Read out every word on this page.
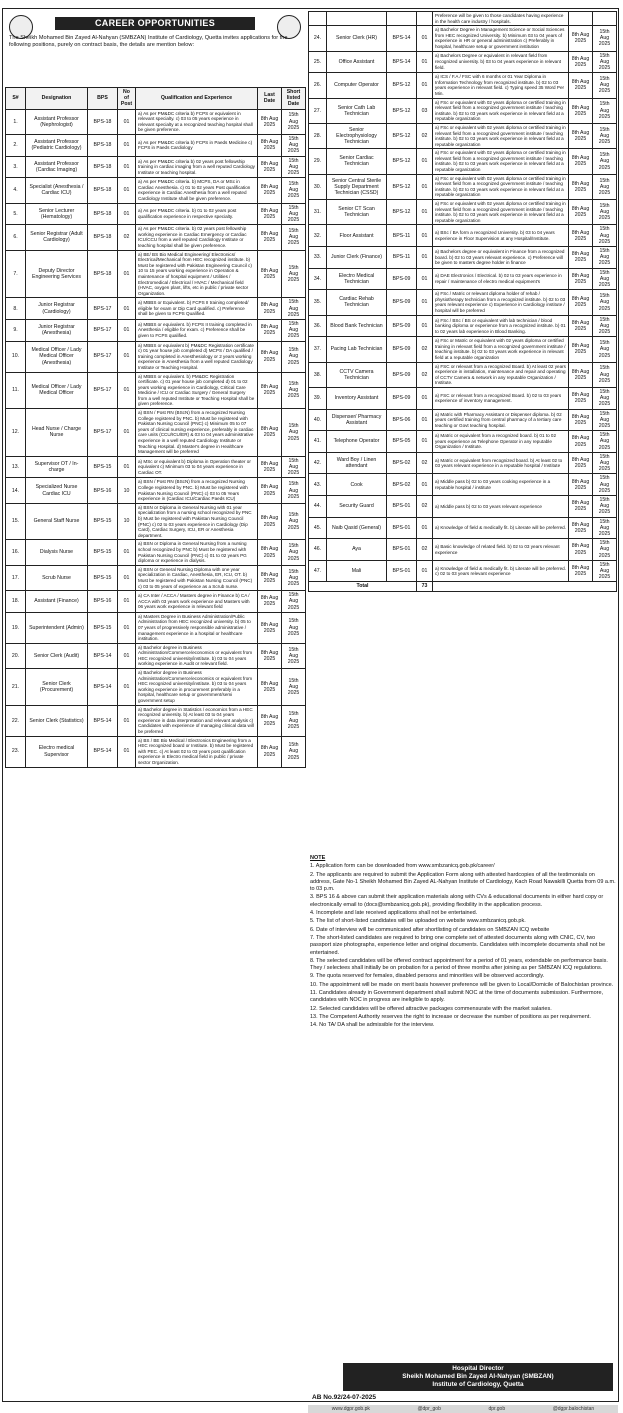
CAREER OPPORTUNITIES
The Sheikh Mohamed Bin Zayed Al-Nahyan (SMBZAN) Institute of Cardiology, Quetta invites applications for the following positions, purely on contract basis, the details are mention below:
S#	Designation	BPS	No of Post	Qualification and Experience	Last Date	Short listed Date
1.	Assistant Professor (Nephrologist)	BPS-18	01	a) As per PM&DC criteria b) FCPS or equivalent in relevant specialty. c) 03 to 05 years experience in relevant specialty at a recognized teaching hospital shall be given preference.	8th Aug 2025	15th Aug 2025
2.	Assistant Professor (Pediatric Cardiology)	BPS-18	01	a) As per PM&DC criteria b) FCPS in Paeds Medicine c) FCPS in Paeds Cardiology	8th Aug 2025	15th Aug 2025
3.	Assistant Professor (Cardiac Imaging)	BPS-18	01	a) As per PM&DC criteria b) 02 years post fellowship training in cardiac imaging from a well reputed Cardiology Institute or teaching hospital.	8th Aug 2025	15th Aug 2025
4.	Specialist (Anesthesia / Cardiac ICU)	BPS-18	01	a) As per PM&DC criteria. b) MCPS, DA or MSc in Cardiac Anesthesia. c) 01 to 02 years Post qualification experience in Cardiac Anesthesia from a well reputed Cardiology Institute shall be given preference.	8th Aug 2025	15th Aug 2025
5.	Senior Lecturer (Hematology)	BPS-18	01	a) As per PM&DC criteria. b) 01 to 02 years post qualification experience in respective specialty.	8th Aug 2025	15th Aug 2025
6.	Senior Registrar (Adult Cardiology)	BPS-18	02	a) As per PM&DC criteria. b) 02 years post fellowship working experience in Cardiac Emergency or Cardiac ICU/CCU from a well reputed Cardiology Institute or teaching hospital shall be given preference.	8th Aug 2025	15th Aug 2025
7.	Deputy Director Engineering Services	BPS-18	01	a) BE/ BS Bio Medical Engineering/ Electronics/ Electrical/Mechanical from HEC recognized institute. b) Must be registered with Pakistan Engineering Council c) 10 to 15 years working experience in Operation & maintenance of hospital equipment / Utilities / Electromedical / Electrical / HVAC / Mechanical field (HVAC, oxygen plant, lifts, etc in public / private sector Organization.	8th Aug 2025	15th Aug 2025
8.	Junior Registrar (Cardiology)	BPS-17	01	a) MBBS or Equivalent. b) FCPS II training completed/ eligible for exam or Dip Card qualified. c) Preference shall be given to FCPS Qualified.	8th Aug 2025	15th Aug 2025
9.	Junior Registrar (Anesthesia)	BPS-17	01	a) MBBS or equivalent. b) FCPS II training completed in Anesthesia / eligible for exam. c) Preference shall be given to FCPS qualified.	8th Aug 2025	15th Aug 2025
10.	Medical Officer / Lady Medical Officer (Anesthesia)	BPS-17	01	a) MBBS or equivalent b) PM&DC Registration certificate c) 01 year house job completed d) MCPS / DA qualified / training completed in Anesthesiology or 2 years working experience in Anesthesia from a well reputed Cardiology Institute or Teaching Hospital.	8th Aug 2025	15th Aug 2025
11.	Medical Officer / Lady Medical Officer	BPS-17	01	a) MBBS or equivalent. b) PM&DC Registration certificate. c) 01 year house job completed d) 01 to 02 years working experience in Cardiology, Critical Care Medicine / ICU or Cardiac Surgery / General Surgery from a well reputed Institute or Teaching Hospital shall be given preference.	8th Aug 2025	15th Aug 2025
12.	Head Nurse / Charge Nurse	BPS-17	01	a) BSN / Post RN (BScN) from a recognized Nursing College registered by PNC. b) Must be registered with Pakistan Nursing Council (PNC) c) Minimum 05 to 07 years of clinical nursing experience, preferably in cardiac care units (CCU/ICU/ER) & 03 to 04 years administrative experience in a well reputed Cardiology Institute or Teaching Hospital. d) Master's degree in Healthcare Management will be preferred	8th Aug 2025	15th Aug 2025
13.	Supervisor OT / In-charge	BPS-15	01	a) MSc or equivalent b) Diploma in Operation theater or equivalent c) Minimum 03 to 04 years experience in Cardiac OT.	8th Aug 2025	15th Aug 2025
14.	Specialized Nurse Cardiac ICU	BPS-16	10	a) BSN / Post RN (BScN) from a recognized Nursing College registered by PNC. b) Must be registered with Pakistan Nursing Council (PNC) c) 03 to 05 Years experience in (Cardiac ICU/Cardiac Paeds ICU)	8th Aug 2025	15th Aug 2025
15.	General Staff Nurse	BPS-15	10	a) BSN or Diploma in General Nursing with 01 year specialization from a nursing school recognized by PNC b) Must be registered with Pakistan Nursing Council (PNC) c) 02 to 03 years experience in Cardiology (Dip Card), Cardiac Surgery, ICU, ER or Anesthesia department.	8th Aug 2025	15th Aug 2025
16.	Dialysis Nurse	BPS-15	01	a) BSN or Diploma in General Nursing from a nursing school recognized by PNC b) Must be registered with Pakistan Nursing Council (PNC) c) 01 to 02 years PG diploma or experience in dialysis.	8th Aug 2025	15th Aug 2025
17.	Scrub Nurse	BPS-15	01	a) BSN or General Nursing Diploma with one year specialization in Cardiac, Anesthesia, ER, ICU, OT. b) Must be registered with Pakistan Nursing Council (PNC) c) 03 to 05 years of experience as a Scrub nurse.	8th Aug 2025	15th Aug 2025
18.	Assistant (Finance)	BPS-16	01	a) CA Inter / ACCA / Masters degree in Finance b) CA / ACCA with 03 years work experience and Masters with 06 years work experience in relevant field	8th Aug 2025	15th Aug 2025
19.	Superintendent (Admin)	BPS-15	01	a) Masters Degree in Business Administration/Public Administration from HEC recognized university. b) 05 to 07 years of progressively responsible administrative / management experience in a hospital or healthcare institution.	8th Aug 2025	15th Aug 2025
20.	Senior Clerk (Audit)	BPS-14	01	a) Bachelor degree in Business Administration/Commerce/economics or equivalent from HEC recognized university/institute. b) 03 to 04 years working experience in Audit or relevant field.	8th Aug 2025	15th Aug 2025
21.	Senior Clerk (Procurement)	BPS-14	01	a) Bachelor degree in Business Administration/Commerce/economics or equivalent from HEC recognized university/institute. b) 03 to 04 years working experience in procurement preferably in a hospital, healthcare setup or government/semi government setup	8th Aug 2025	15th Aug 2025
22.	Senior Clerk (Statistics)	BPS-14	01	a) Bachelor degree in Statistics / economics from a HEC recognized university. b) At least 03 to 04 years experience in data interpretation and relevant analysis c) Candidates with experience of managing clinical data will be preferred	8th Aug 2025	15th Aug 2025
23.	Electro medical Supervisor	BPS-14	01	a) BS / BE Bio Medical / Electronics Engineering from a HEC recognized board or Institute. b) Must be registered with PEC. c) At least 02 to 03 years post qualification experience in Electro medical field in public / private sector Organization.	8th Aug 2025	15th Aug 2025
				Preference will be given to those candidates having experience in the health care industry / hospitals.		
24.	Senior Clerk (HR)	BPS-14	01	a) Bachelor Degree in Management Science or Social Sciences from HEC recognized University. b) Minimum 03 to 04 years of experience in HR or general administration c) Preferably in hospital, healthcare setup or government institution	8th Aug 2025	15th Aug 2025
25.	Office Assistant	BPS-14	01	a) Bachelors Degree or equivalent in relevant field from recognized university. b) 03 to 04 years experience in relevant field.	8th Aug 2025	15th Aug 2025
26.	Computer Operator	BPS-12	01	a) ICS / F.A / FSC with 6 months or 01 Year Diploma in Information Technology from recognized institute. b) 02 to 03 years experience in relevant field. c) Typing speed 35 Word Per Min.	8th Aug 2025	15th Aug 2025
27.	Senior Cath Lab Technician	BPS-12	03	a) FSc or equivalent with 02 years diploma or certified training in relevant field from a recognized government institute / teaching institute. b) 02 to 03 years work experience in relevant field at a reputable organization	8th Aug 2025	15th Aug 2025
28.	Senior Electrophysiology Technician	BPS-12	02	a) FSc or equivalent with 02 years diploma or certified training in relevant field from a recognized government institute / teaching institute. b) 02 to 03 years work experience in relevant field at a reputable organization	8th Aug 2025	15th Aug 2025
29.	Senior Cardiac Technician	BPS-12	01	a) FSc or equivalent with 02 years diploma or certified training in relevant field from a recognized government institute / teaching institute. b) 02 to 03 years work experience in relevant field at a reputable organization	8th Aug 2025	15th Aug 2025
30.	Senior Central Sterile Supply Department Technician (CSSD)	BPS-12	01	a) FSc or equivalent with 02 years diploma or certified training in relevant field from a recognized government institute / teaching institute. b) 02 to 03 years work experience in relevant field at a reputable organization	8th Aug 2025	15th Aug 2025
31.	Senior CT Scan Technician	BPS-12	01	a) FSc or equivalent with 02 years diploma or certified training in relevant field from a recognized government institute / teaching institute. b) 02 to 03 years work experience in relevant field at a reputable organization	8th Aug 2025	15th Aug 2025
32.	Floor Assistant	BPS-11	01	a) BSc / BA form a recognized University. b) 03 to 04 years experience in Floor Supervision at any Hospital/Institute.	8th Aug 2025	15th Aug 2025
33.	Junior Clerk (Finance)	BPS-11	01	a) Bachelors degree or equivalent in Finance from a recognized board. b) 02 to 03 years relevant experience. c) Preference will be given to masters degree holder in finance	8th Aug 2025	15th Aug 2025
34.	Electro Medical Technician	BPS-09	01	a) DAE Electronics / Electrical. b) 02 to 03 years experience in repair / maintenance of electro medical equipment's	8th Aug 2025	15th Aug 2025
35.	Cardiac Rehab Technician	BPS-09	01	a) FSc / Matric or relevant diploma holder of rehab / physiotherapy technician from a recognized institute. b) 02 to 03 years relevant experience c) Experience in Cardiology institute / hospital will be preferred	8th Aug 2025	15th Aug 2025
36.	Blood Bank Technician	BPS-09	01	a) FSc / BSc / BS or equivalent with lab technician / blood banking diploma or experience from a recognized institute. b) 01 to 02 years lab experience in Blood Banking.	8th Aug 2025	15th Aug 2025
37.	Pacing Lab Technician	BPS-09	02	a) FSc or Matric or equivalent with 02 years diploma or certified training in relevant field from a recognized government institute / teaching institute. b) 02 to 03 years work experience in relevant field at a reputable organization	8th Aug 2025	15th Aug 2025
38.	CCTV Camera Technician	BPS-09	02	a) FSC or relevant from a recognized Board. b) At least 02 years experience in installation, maintenance and repair and operating of CCTV Camera & network in any reputable Organization / Institute.	8th Aug 2025	15th Aug 2025
39.	Inventory Assistant	BPS-09	01	a) FSC or relevant from a recognized Board. b) 02 to 03 years experience of inventory management.	8th Aug 2025	15th Aug 2025
40.	Dispenser/ Pharmacy Assistant	BPS-06	01	a) Matric with Pharmacy Assistant or Dispenser diploma. b) 02 years certified training from central pharmacy of a tertiary care teaching or Govt teaching hospital.	8th Aug 2025	15th Aug 2025
41.	Telephone Operator	BPS-05	01	a) Matric or equivalent from a recognized board. b) 01 to 02 years experience as Telephone Operator in any reputable Organization / Institute.	8th Aug 2025	15th Aug 2025
42.	Ward Boy / Linen attendant	BPS-02	02	a) Matric or equivalent from recognized board. b) At least 02 to 03 years relevant experience in a reputable hospital / Institute	8th Aug 2025	15th Aug 2025
43.	Cook	BPS-02	01	a) Middle pass b) 02 to 03 years cooking experience in a reputable hospital / institute	8th Aug 2025	15th Aug 2025
44.	Security Guard	BPS-01	02	a) Middle pass b) 02 to 03 years relevant experience	8th Aug 2025	15th Aug 2025
45.	Naib Qasid (General)	BPS-01	01	a) Knowledge of field & medically fit. b) Literate will be preferred.	8th Aug 2025	15th Aug 2025
46.	Aya	BPS-01	02	a) Basic knowledge of related field. b) 02 to 03 years relevant experience	8th Aug 2025	15th Aug 2025
47.	Mali	BPS-01	01	a) Knowledge of field & medically fit. b) Literate will be preferred. c) 02 to 03 years relevant experience	8th Aug 2025	15th Aug 2025
Total			73			

NOTE

1. Application form can be downloaded from www.smbzanicq.gob.pk/career/

2. The applicants are required to submit the Application Form along with attested hardcopies of all the testimonials on address, Gate No-1 Sheikh Mohamed Bin Zayed AL-Nahyan Institute of Cardiology, Kach Road Nawakilli Quetta from 09 a.m. to 03 p.m.

3. BPS 16 & above can submit their application materials along with CVs & educational documents in either hard copy or electronically email to (docs@smbzanicq.gob.pk), providing flexibility in the application process.

4. Incomplete and late received applications shall not be entertained.

5. The list of short-listed candidates will be uploaded on website www.smbzanicq.gob.pk.

6. Date of interview will be communicated after shortlisting of candidates on SMBZAN ICQ website

7. The short-listed candidates are required to bring one complete set of attested documents along with CNIC, CV, two passport size photographs, experience letter and original documents. Candidates with incomplete documents shall not be entertained.

8. The selected candidates will be offered contract appointment for a period of 01 years, extendable on performance basis. They / selectees shall initially be on probation for a period of three months after joining as per SMBZAN ICQ regulations.

9. The quota reserved for females, disabled persons and minorities will be observed accordingly.

10. The appointment will be made on merit basis however preference will be given to Local/Domicile of Balochistan province.

11. Candidates already in Government department shall submit NOC at the time of documents submission. Furthermore, candidates with NOC in progress are ineligible to apply.

12. Selected candidates will be offered attractive packages commensurate with the market salaries.

13. The Competent Authority reserves the right to increase or decrease the number of positions as per requirement.

14. No TA/ DA shall be admissible for the interview.

Hospital Director
Sheikh Mohamed Bin Zayed Al-Nahyan (SMBZAN)
Institute of Cardiology, Quetta
AB No.92/24-07-2025
www.dgpr.gob.pk	@dpr_gob	dpr.gob	@dgpr.balochistan
